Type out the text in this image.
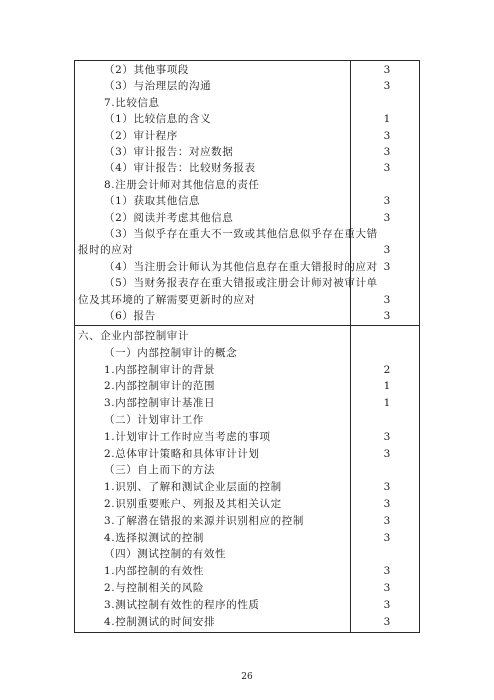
（2）其他事项段	3
（3）与治理层的沟通	3
7.比较信息
（1）比较信息的含义	1
（2）审计程序	3
（3）审计报告：对应数据	3
（4）审计报告：比较财务报表	3
8.注册会计师对其他信息的责任
（1）获取其他信息	3
（2）阅读并考虑其他信息	3
（3）当似乎存在重大不一致或其他信息似乎存在重大错
报时的应对	3
（4）当注册会计师认为其他信息存在重大错报时的应对 3
（5）当财务报表存在重大错报或注册会计师对被审计单
位及其环境的了解需要更新时的应对	3
（6）报告	3
六、企业内部控制审计
（一）内部控制审计的概念
1.内部控制审计的背景	2
2.内部控制审计的范围	1
3.内部控制审计基准日	1
（二）计划审计工作
1.计划审计工作时应当考虑的事项	3
2.总体审计策略和具体审计计划	3
（三）自上而下的方法
1.识别、了解和测试企业层面的控制	3
2.识别重要账户、列报及其相关认定	3
3.了解潜在错报的来源并识别相应的控制	3
4.选择拟测试的控制	3
（四）测试控制的有效性
1.内部控制的有效性	3
2.与控制相关的风险	3
3.测试控制有效性的程序的性质	3
4.控制测试的时间安排	3
26
